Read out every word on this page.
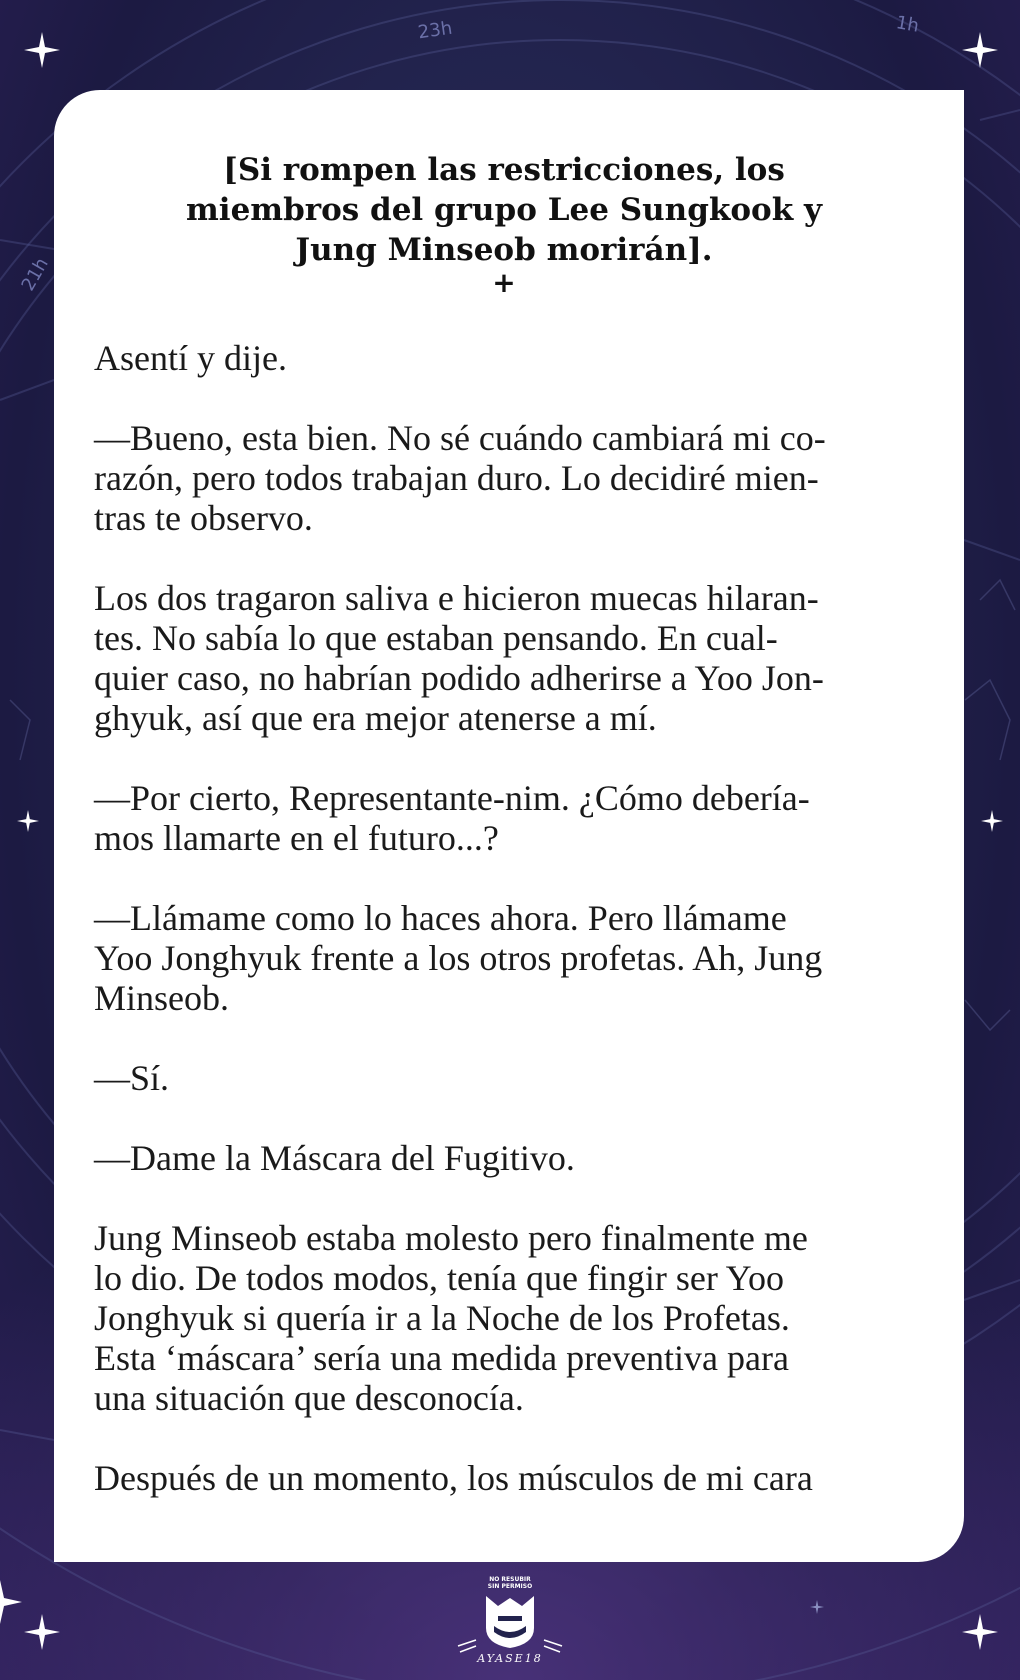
23h	1h
21h
[Si rompen las restricciones, los
miembros del grupo Lee Sungkook y
Jung Minseob morirán].
+
Asentí y dije.
—Bueno, esta bien. No sé cuándo cambiará mi co-
razón, pero todos trabajan duro. Lo decidiré mien-
tras te observo.
Los dos tragaron saliva e hicieron muecas hilaran-
tes. No sabía lo que estaban pensando. En cual-
quier caso, no habrían podido adherirse a Yoo Jon-
ghyuk, así que era mejor atenerse a mí.
—Por cierto, Representante-nim. ¿Cómo debería-
mos llamarte en el futuro...?
—Llámame como lo haces ahora. Pero llámame
Yoo Jonghyuk frente a los otros profetas. Ah, Jung
Minseob.
—Sí.
—Dame la Máscara del Fugitivo.
Jung Minseob estaba molesto pero finalmente me
lo dio. De todos modos, tenía que fingir ser Yoo
Jonghyuk si quería ir a la Noche de los Profetas.
Esta ‘máscara’ sería una medida preventiva para
una situación que desconocía.
Después de un momento, los músculos de mi cara
NO RESUBIR
SIN PERMISO
AYASE18
